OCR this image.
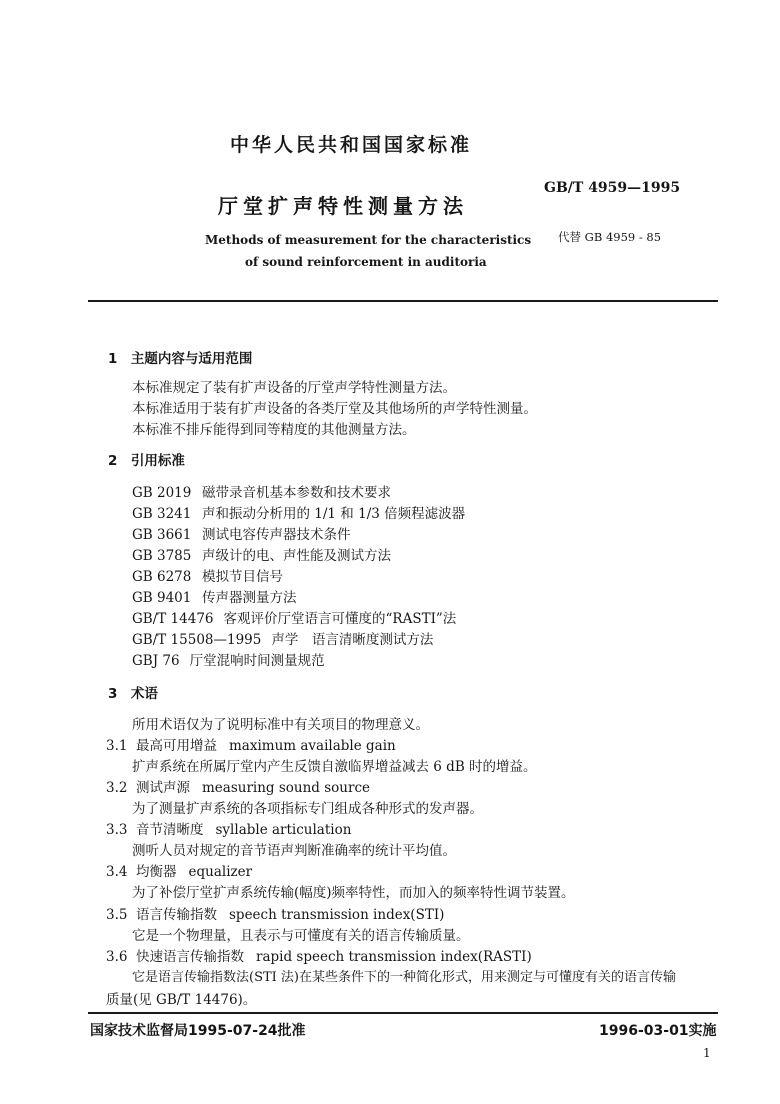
中华人民共和国国家标准
厅堂扩声特性测量方法
Methods of measurement for the characteristics
of sound reinforcement in auditoria
GB/T 4959—1995
代替 GB 4959 - 85
1　主题内容与适用范围
本标准规定了装有扩声设备的厅堂声学特性测量方法。
本标准适用于装有扩声设备的各类厅堂及其他场所的声学特性测量。
本标准不排斥能得到同等精度的其他测量方法。
2　引用标准
GB 2019 磁带录音机基本参数和技术要求
GB 3241 声和振动分析用的 1/1 和 1/3 倍频程滤波器
GB 3661 测试电容传声器技术条件
GB 3785 声级计的电、声性能及测试方法
GB 6278 模拟节目信号
GB 9401 传声器测量方法
GB/T 14476 客观评价厅堂语言可懂度的“RASTI”法
GB/T 15508—1995 声学　语言清晰度测试方法
GBJ 76 厅堂混响时间测量规范
3　术语
所用术语仅为了说明标准中有关项目的物理意义。
3.1 最高可用增益 maximum available gain
扩声系统在所属厅堂内产生反馈自激临界增益减去 6 dB 时的增益。
3.2 测试声源 measuring sound source
为了测量扩声系统的各项指标专门组成各种形式的发声器。
3.3 音节清晰度 syllable articulation
测听人员对规定的音节语声判断准确率的统计平均值。
3.4 均衡器 equalizer
为了补偿厅堂扩声系统传输(幅度)频率特性，而加入的频率特性调节装置。
3.5 语言传输指数 speech transmission index(STI)
它是一个物理量，且表示与可懂度有关的语言传输质量。
3.6 快速语言传输指数 rapid speech transmission index(RASTI)
它是语言传输指数法(STI 法)在某些条件下的一种简化形式，用来测定与可懂度有关的语言传输
质量(见 GB/T 14476)。
国家技术监督局1995-07-24批准	1996-03-01实施
1
